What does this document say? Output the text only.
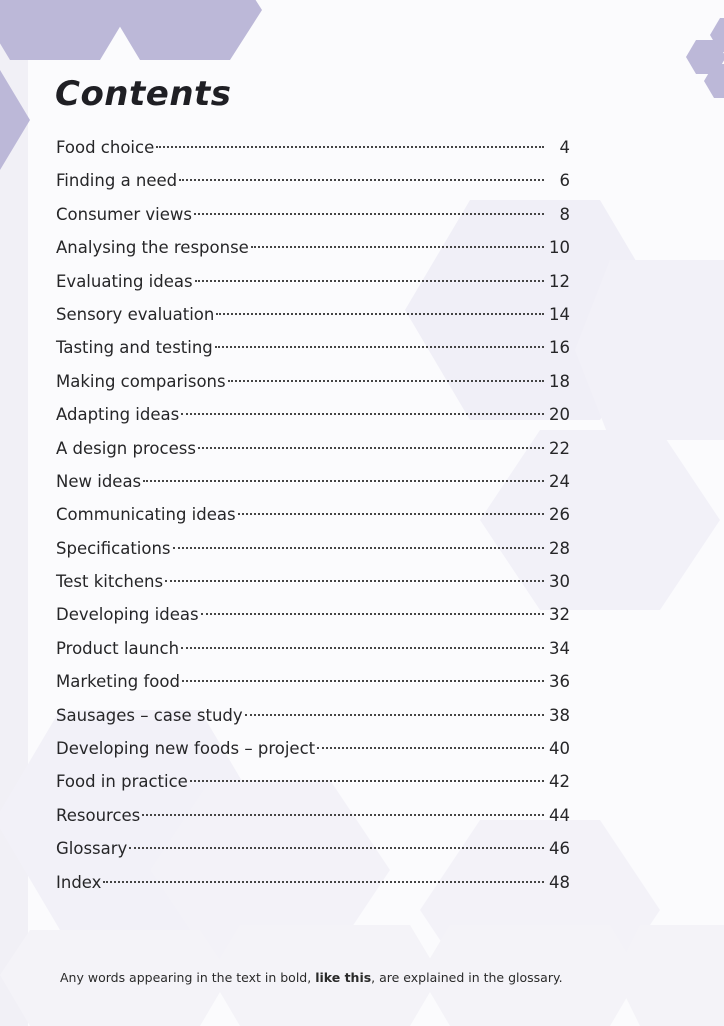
Contents
Food choice	4
Finding a need	6
Consumer views	8
Analysing the response	10
Evaluating ideas	12
Sensory evaluation	14
Tasting and testing	16
Making comparisons	18
Adapting ideas	20
A design process	22
New ideas	24
Communicating ideas	26
Specifications	28
Test kitchens	30
Developing ideas	32
Product launch	34
Marketing food	36
Sausages – case study	38
Developing new foods – project	40
Food in practice	42
Resources	44
Glossary	46
Index	48

Any words appearing in the text in bold, like this, are explained in the glossary.
